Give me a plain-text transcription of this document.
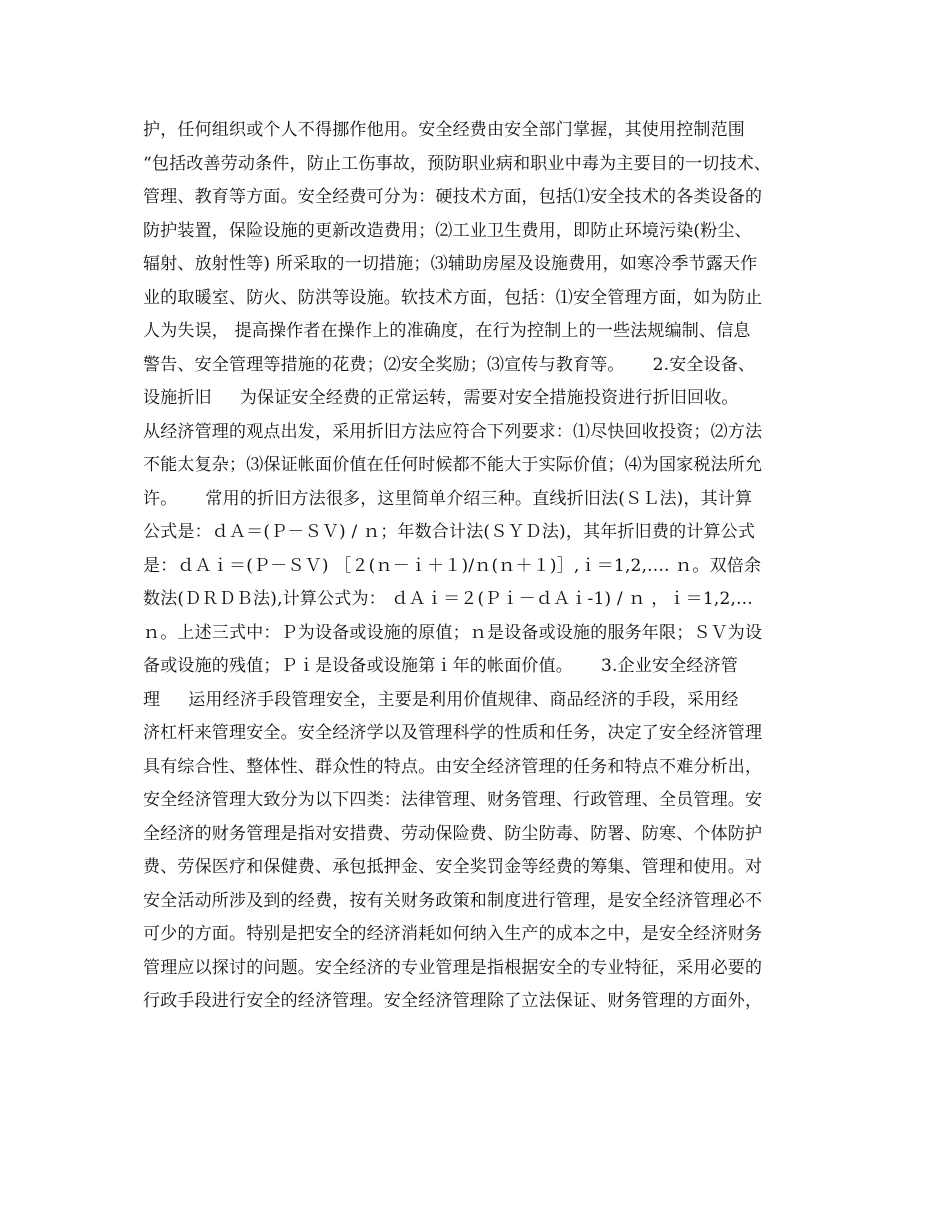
护，任何组织或个人不得挪作他用。安全经费由安全部门掌握，其使用控制范围
“包括改善劳动条件，防止工伤事故，预防职业病和职业中毒为主要目的一切技术、
管理、教育等方面。安全经费可分为：硬技术方面，包括⑴安全技术的各类设备的
防护装置，保险设施的更新改造费用；⑵工业卫生费用，即防止环境污染(粉尘、
辐射、放射性等) 所采取的一切措施；⑶辅助房屋及设施费用，如寒冷季节露天作
业的取暖室、防火、防洪等设施。软技术方面，包括：⑴安全管理方面，如为防止
人为失误， 提高操作者在操作上的准确度，在行为控制上的一些法规编制、信息
警告、安全管理等措施的花费；⑵安全奖励；⑶宣传与教育等。     2.安全设备、
设施折旧     为保证安全经费的正常运转，需要对安全措施投资进行折旧回收。
从经济管理的观点出发，采用折旧方法应符合下列要求：⑴尽快回收投资；⑵方法
不能太复杂；⑶保证帐面价值在任何时候都不能大于实际价值；⑷为国家税法所允
许。     常用的折旧方法很多，这里简单介绍三种。直线折旧法(ＳＬ法)，其计算
公式是：ｄＡ＝(Ｐ－ＳＶ) / ｎ；年数合计法(ＳＹＤ法)，其年折旧费的计算公式
是：ｄＡｉ＝(Ｐ－ＳＶ) ［２(ｎ－ｉ＋１)/ｎ(ｎ＋１)］,ｉ＝1,2,.... ｎ。双倍余
数法(ＤＲＤＢ法),计算公式为： ｄＡｉ＝２(Ｐｉ－ｄＡｉ-1) / ｎ ，ｉ＝1,2,...
ｎ。上述三式中：Ｐ为设备或设施的原值；ｎ是设备或设施的服务年限；ＳＶ为设
备或设施的残值；Ｐｉ是设备或设施第ｉ年的帐面价值。     3.企业安全经济管
理     运用经济手段管理安全，主要是利用价值规律、商品经济的手段，采用经
济杠杆来管理安全。安全经济学以及管理科学的性质和任务，决定了安全经济管理
具有综合性、整体性、群众性的特点。由安全经济管理的任务和特点不难分析出，
安全经济管理大致分为以下四类：法律管理、财务管理、行政管理、全员管理。安
全经济的财务管理是指对安措费、劳动保险费、防尘防毒、防署、防寒、个体防护
费、劳保医疗和保健费、承包抵押金、安全奖罚金等经费的筹集、管理和使用。对
安全活动所涉及到的经费，按有关财务政策和制度进行管理，是安全经济管理必不
可少的方面。特别是把安全的经济消耗如何纳入生产的成本之中，是安全经济财务
管理应以探讨的问题。安全经济的专业管理是指根据安全的专业特征，采用必要的
行政手段进行安全的经济管理。安全经济管理除了立法保证、财务管理的方面外，
